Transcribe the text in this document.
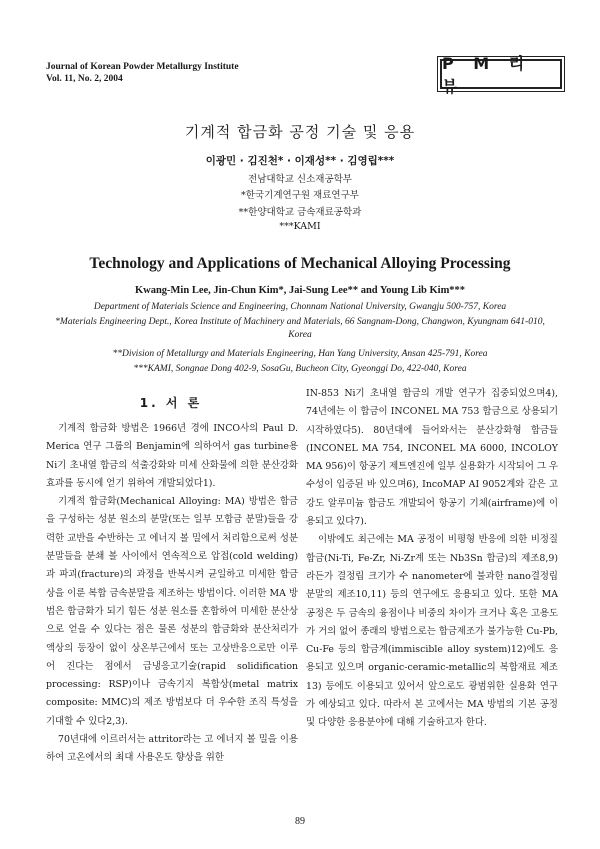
Journal of Korean Powder Metallurgy Institute
Vol. 11, No. 2, 2004
P M 리 뷰
기계적 합금화 공정 기술 및 응용
이광민 · 김진천* · 이재성** · 김영립***
전남대학교 신소재공학부
*한국기계연구원 재료연구부
**한양대학교 금속재료공학과
***KAMI
Technology and Applications of Mechanical Alloying Processing
Kwang-Min Lee, Jin-Chun Kim*, Jai-Sung Lee** and Young Lib Kim***
Department of Materials Science and Engineering, Chonnam National University, Gwangju 500-757, Korea
*Materials Engineering Dept., Korea Institute of Machinery and Materials, 66 Sangnam-Dong, Changwon, Kyungnam 641-010, Korea
**Division of Metallurgy and Materials Engineering, Han Yang University, Ansan 425-791, Korea
***KAMI, Songnae Dong 402-9, SosaGu, Bucheon City, Gyeonggi Do, 422-040, Korea
1. 서 론

기계적 합금화 방법은 1966년 경에 INCO사의 Paul D. Merica 연구 그룹의 Benjamin에 의하여서 gas turbine용 Ni기 초내열 합금의 석출강화와 미세 산화물에 의한 분산강화 효과를 동시에 얻기 위하여 개발되었다1).

기계적 합금화(Mechanical Alloying: MA) 방법은 합금을 구성하는 성분 원소의 분말(또는 일부 모합금 분말)들을 강력한 교반을 수반하는 고 에너지 볼 밀에서 처리함으로써 성분 분말들을 분쇄 볼 사이에서 연속적으로 압접(cold welding)과 파괴(fracture)의 과정을 반복시켜 균일하고 미세한 합금상을 이룬 복합 금속분말을 제조하는 방법이다. 이러한 MA 방법은 합금화가 되기 힘든 성분 원소를 혼합하여 미세한 분산상으로 얻을 수 있다는 점은 물론 성분의 합금화와 분산처리가 액상의 등장이 없이 상온부근에서 또는 고상반응으로만 이루어 진다는 점에서 급냉응고기술(rapid solidification processing: RSP)이나 금속기지 복합상(metal matrix composite: MMC)의 제조 방법보다 더 우수한 조직 특성을 기대할 수 있다2,3).

70년대에 이르러서는 attritor라는 고 에너지 볼 밀을 이용하여 고온에서의 최대 사용온도 향상을 위한

IN-853 Ni기 초내열 합금의 개발 연구가 집중되었으며4), 74년에는 이 합금이 INCONEL MA 753 합금으로 상용되기 시작하였다5). 80년대에 들어와서는 분산강화형 합금들(INCONEL MA 754, INCONEL MA 6000, INCOLOY MA 956)이 항공기 제트엔진에 일부 실용화가 시작되어 그 우수성이 입증된 바 있으며6), IncoMAP AI 9052계와 같은 고강도 알루미늄 합금도 개발되어 항공기 기체(airframe)에 이용되고 있다7).

이밖에도 최근에는 MA 공정이 비평형 반응에 의한 비정질 합금(Ni-Ti, Fe-Zr, Ni-Zr계 또는 Nb3Sn 합금)의 제조8,9) 라든가 결정립 크기가 수 nanometer에 불과한 nano결정립 분말의 제조10,11) 등의 연구에도 응용되고 있다. 또한 MA 공정은 두 금속의 융점이나 비중의 차이가 크거나 혹은 고용도가 거의 없어 종래의 방법으로는 합금제조가 불가능한 Cu-Pb, Cu-Fe 등의 합금계(immiscible alloy system)12)에도 응용되고 있으며 organic-ceramic-metallic의 복합재료 제조13) 등에도 이용되고 있어서 앞으로도 광범위한 실용화 연구가 예상되고 있다. 따라서 본 고에서는 MA 방법의 기본 공정 및 다양한 응용분야에 대해 기술하고자 한다.

89
